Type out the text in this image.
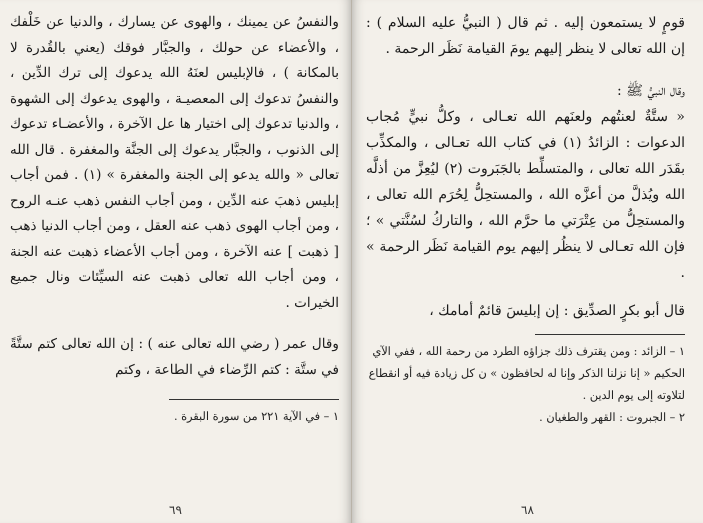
والنفسُ عن يمينك ، والهوى عن يسارك ، والدنيا عن خَلْفك ، والأعضاء عن حولك ، والجبَّار فوقك (يعني بالقُدرة لا بالمكانة ) ، فالإبليس لعنَهُ الله يدعوك إلى ترك الدِّين ، والنفسُ تدعوك إلى المعصيـة ، والهوى يدعوك إلى الشهوة ، والدنيا تدعوك إلى اختيار ها عل الآخرة ، والأعضـاء تدعوك إلى الذنوب ، والجبَّار يدعوك إلى الجنَّة والمغفرة . قال الله تعالى « والله يدعو إلى الجنة والمغفرة » (١) . فمن أجاب إبليس ذهبَ عنه الدِّين ، ومن أجاب النفس ذهب عنـه الروح ، ومن أجاب الهوى ذهب عنه العقل ، ومن أجاب الدنيا ذهب [ ذهبت ] عنه الآخرة ، ومن أجاب الأعضاء ذهبت عنه الجنة ، ومن أجاب الله تعالى ذهبت عنه السيِّئات ونال جميع الخيرات .

وقال عمر ( رضي الله تعالى عنه ) : إن الله تعالى كتم ستَّةً في ستَّة : كتم الرِّضاء في الطاعة ، وكتم

١ – في الآية ٢٢١ من سورة البقرة .
٦٩

قومٍ لا يستمعون إليه . ثم قال ( النبيُّ عليه السلام ) : إن الله تعالى لا ينظر إليهم يومَ القيامة نَظَر الرحمة .

وقال النبيُّ ﷺ :

« ستَّةٌ لعنتُهم ولعنَهم الله تعـالى ، وكلُّ نبيٍّ مُجاب الدعوات : الزائدُ (١) في كتاب الله تعـالى ، والمكذِّب بقَدَر الله تعالى ، والمتسلِّط بالجَبَروت (٢) ليُعِزَّ من أذلَّه الله ويُذلَّ من أعزَّه الله ، والمستحِلُّ لِحُرَم الله تعالى ، والمستحِلُّ من عِتْرَتي ما حرَّم الله ، والتاركُ لسُنَّتي » ؛ فإن الله تعـالى لا ينظُر إليهم يوم القيامة نَظَر الرحمة » .

قال أبو بكرٍ الصدِّيق : إن إبليسَ قائمٌ أمامك ،

١ – الزائد : ومن يقترف ذلك جزاؤه الطرد من رحمة الله ، ففي الآي الحكيم « إنا نزلنا الذكر وإنا له لحافظون » ن كل زيادة فيه أو انقطاع لتلاوته إلى يوم الدين .
٢ – الجبروت : القهر والطغيان .
٦٨
